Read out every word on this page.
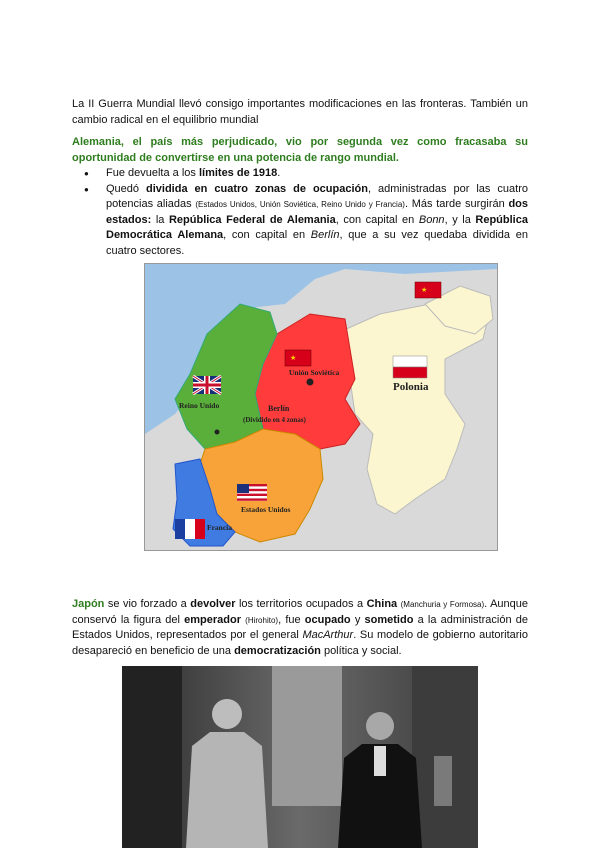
La II Guerra Mundial llevó consigo importantes modificaciones en las fronteras. También un cambio radical en el equilibrio mundial

Alemania, el país más perjudicado, vio por segunda vez como fracasaba su oportunidad de convertirse en una potencia de rango mundial.

● Fue devuelta a los límites de 1918.
● Quedó dividida en cuatro zonas de ocupación, administradas por las cuatro potencias aliadas (Estados Unidos, Unión Soviética, Reino Unido y Francia). Más tarde surgirán dos estados: la República Federal de Alemania, con capital en Bonn, y la República Democrática Alemana, con capital en Berlín, que a su vez quedaba dividida en cuatro sectores.
★
★
Unión Soviética
Reino Unido	Berlín
(Dividido en 4 zonas)
Estados Unidos
Francia
Polonia

Japón se vio forzado a devolver los territorios ocupados a China (Manchuria y Formosa). Aunque conservó la figura del emperador (Hirohito), fue ocupado y sometido a la administración de Estados Unidos, representados por el general MacArthur. Su modelo de gobierno autoritario desapareció en beneficio de una democratización política y social.
